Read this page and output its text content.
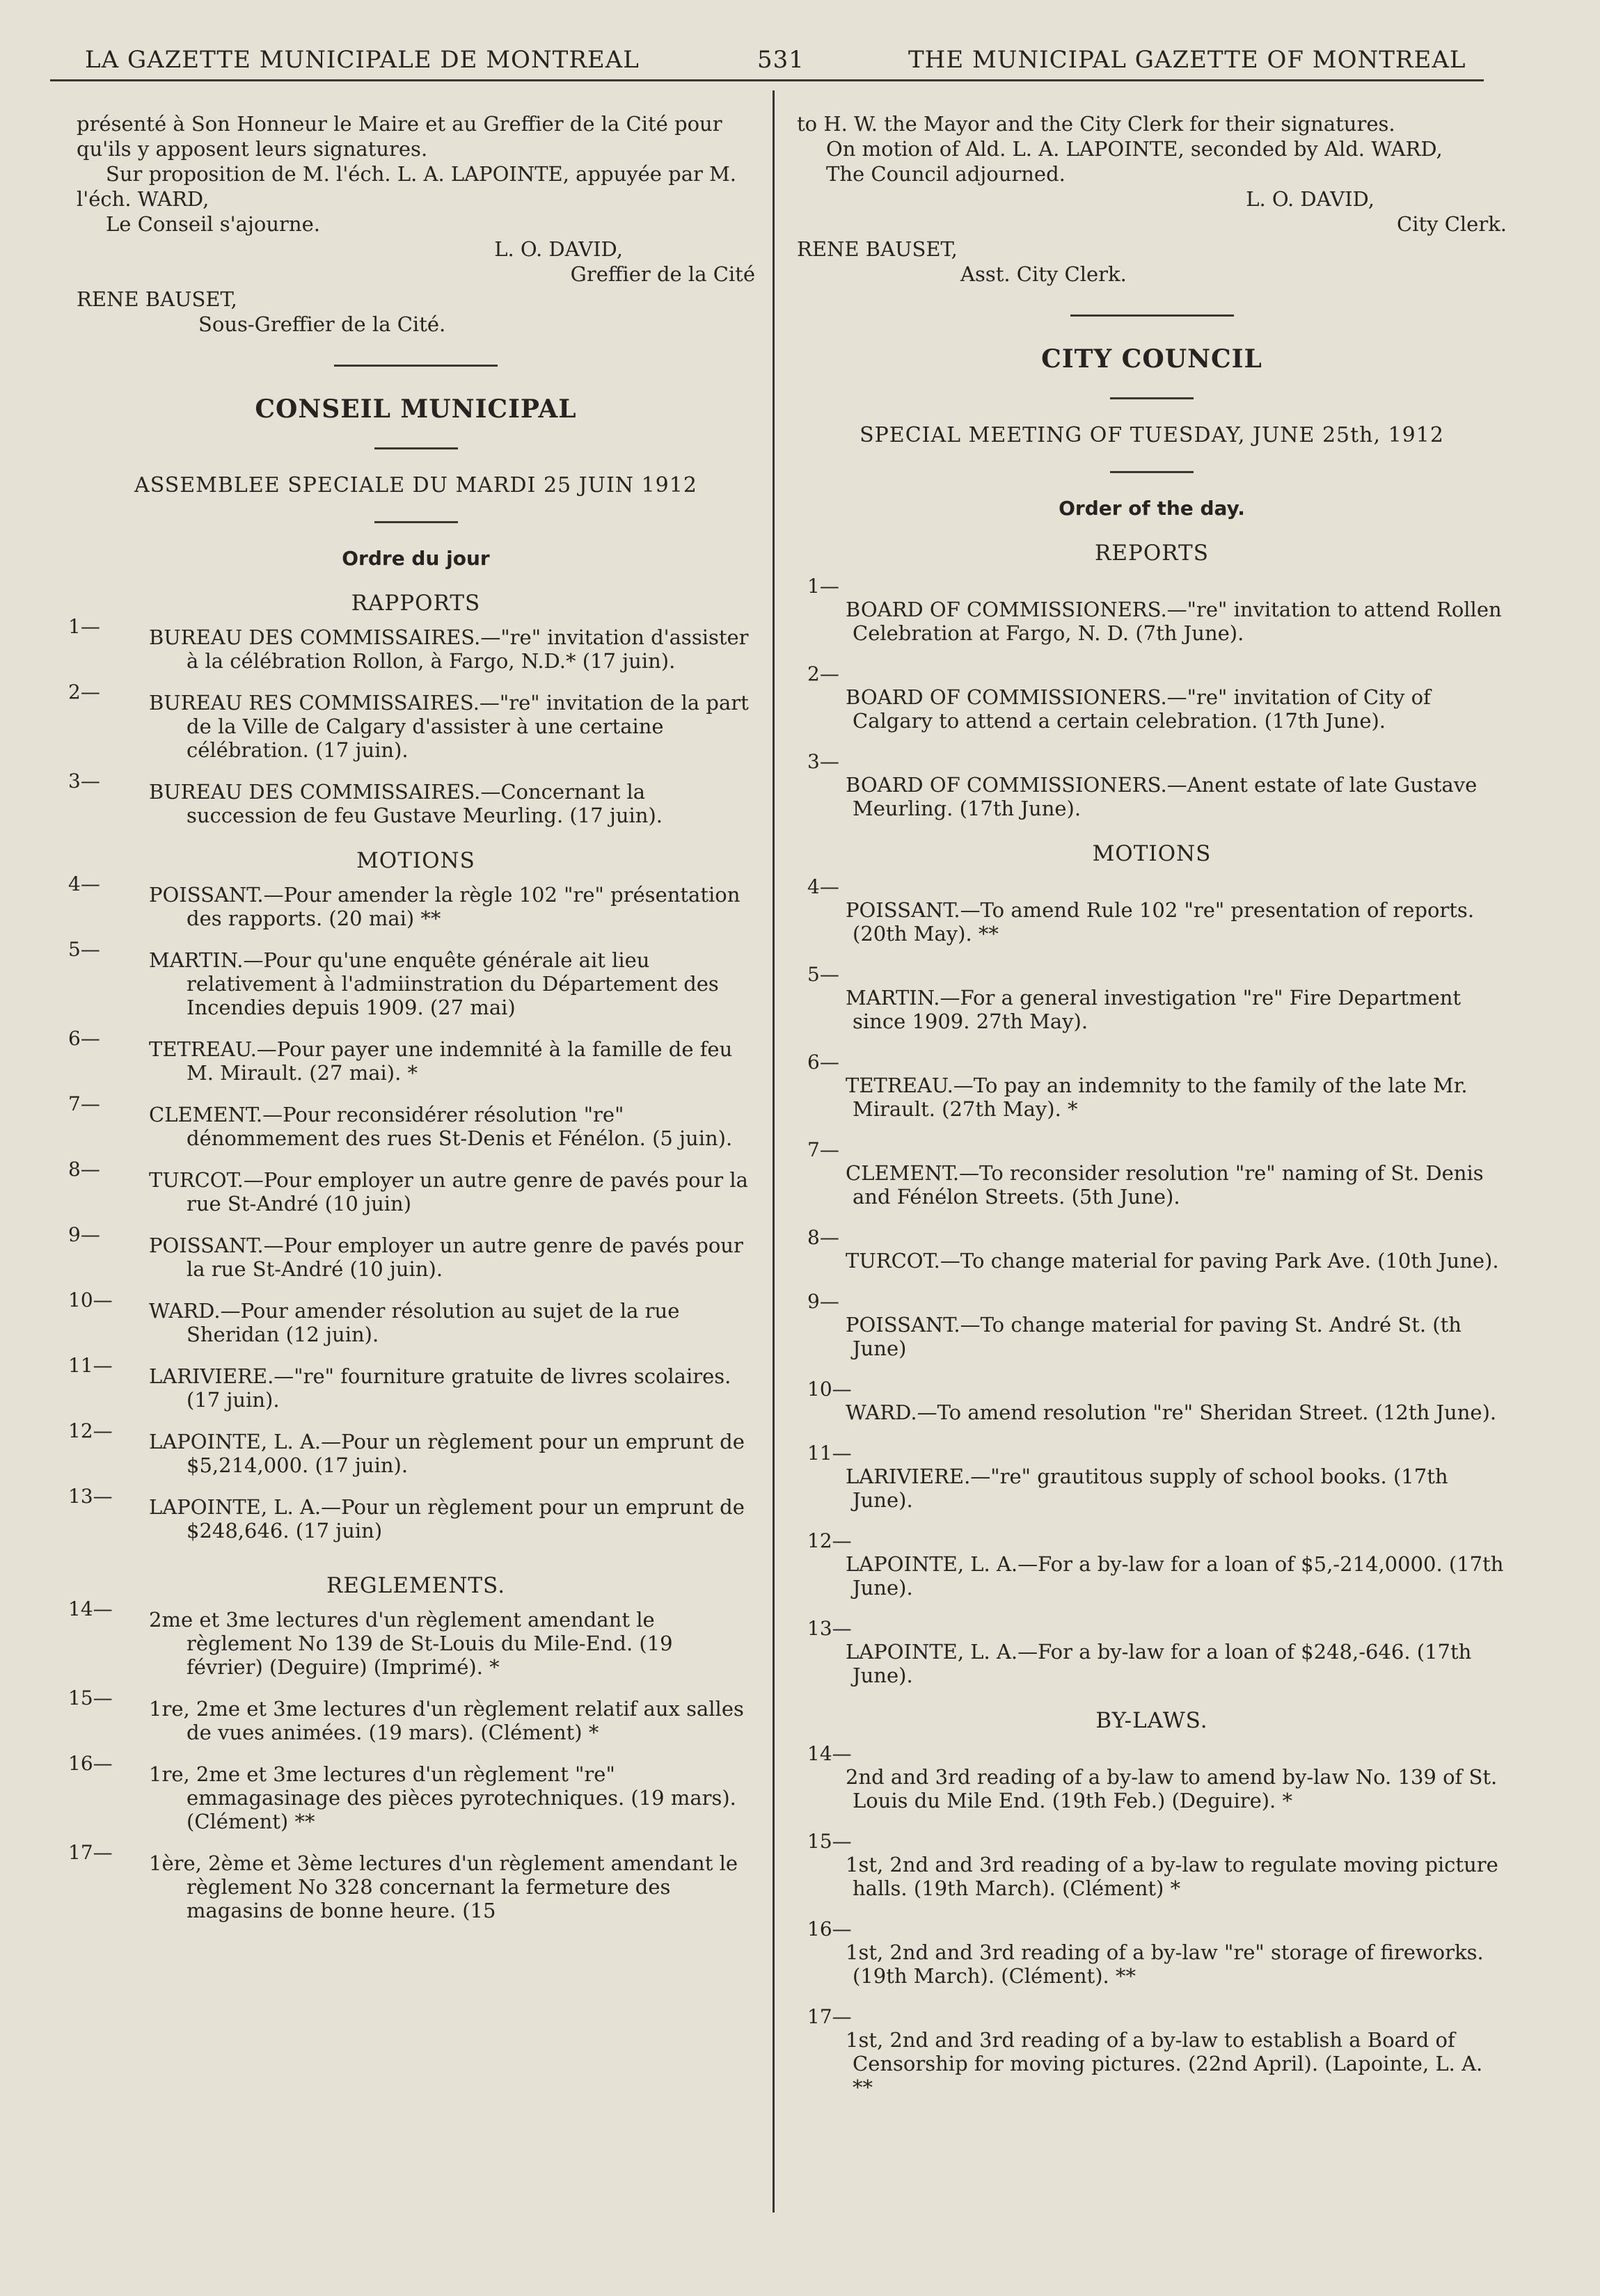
LA GAZETTE MUNICIPALE DE MONTREAL	531	THE MUNICIPAL GAZETTE OF MONTREAL

présenté à Son Honneur le Maire et au Greffier de la Cité pour qu'ils y apposent leurs signatures.

Sur proposition de M. l'éch. L. A. LAPOINTE, appuyée par M. l'éch. WARD,

Le Conseil s'ajourne.

L. O. DAVID,

Greffier de la Cité

RENE BAUSET,

Sous-Greffier de la Cité.

CONSEIL MUNICIPAL

ASSEMBLEE SPECIALE DU MARDI 25 JUIN 1912

Ordre du jour

RAPPORTS

1—	BUREAU DES COMMISSAIRES.—"re" invitation d'assister à la célébration Rollon, à Fargo, N.D.* (17 juin).
2—	BUREAU RES COMMISSAIRES.—"re" invitation de la part de la Ville de Calgary d'assister à une certaine célébration. (17 juin).
3—	BUREAU DES COMMISSAIRES.—Concernant la succession de feu Gustave Meurling. (17 juin).

MOTIONS

4—	POISSANT.—Pour amender la règle 102 "re" présentation des rapports. (20 mai) **
5—	MARTIN.—Pour qu'une enquête générale ait lieu relativement à l'admiinstration du Département des Incendies depuis 1909. (27 mai)
6—	TETREAU.—Pour payer une indemnité à la famille de feu M. Mirault. (27 mai). *
7—	CLEMENT.—Pour reconsidérer résolution "re" dénommement des rues St-Denis et Fénélon. (5 juin).
8—	TURCOT.—Pour employer un autre genre de pavés pour la rue St-André (10 juin)
9—	POISSANT.—Pour employer un autre genre de pavés pour la rue St-André (10 juin).
10—	WARD.—Pour amender résolution au sujet de la rue Sheridan (12 juin).
11—	LARIVIERE.—"re" fourniture gratuite de livres scolaires. (17 juin).
12—	LAPOINTE, L. A.—Pour un règlement pour un emprunt de $5,214,000. (17 juin).
13—	LAPOINTE, L. A.—Pour un règlement pour un emprunt de $248,646. (17 juin)

REGLEMENTS.

14—	2me et 3me lectures d'un règlement amendant le règlement No 139 de St-Louis du Mile-End. (19 février) (Deguire) (Imprimé). *
15—	1re, 2me et 3me lectures d'un règlement relatif aux salles de vues animées. (19 mars). (Clément) *
16—	1re, 2me et 3me lectures d'un règlement "re" emmagasinage des pièces pyrotechniques. (19 mars). (Clément) **
17—	1ère, 2ème et 3ème lectures d'un règlement amendant le règlement No 328 concernant la fermeture des magasins de bonne heure. (15

to H. W. the Mayor and the City Clerk for their signatures.

On motion of Ald. L. A. LAPOINTE, seconded by Ald. WARD,

The Council adjourned.

L. O. DAVID,

City Clerk.

RENE BAUSET,

Asst. City Clerk.

CITY COUNCIL

SPECIAL MEETING OF TUESDAY, JUNE 25th, 1912

Order of the day.

REPORTS

1—
BOARD OF COMMISSIONERS.—"re" invitation to attend Rollen Celebration at Fargo, N. D. (7th June).
2—
BOARD OF COMMISSIONERS.—"re" invitation of City of Calgary to attend a certain celebration. (17th June).
3—
BOARD OF COMMISSIONERS.—Anent estate of late Gustave Meurling. (17th June).

MOTIONS

4—
POISSANT.—To amend Rule 102 "re" presentation of reports. (20th May). **
5—
MARTIN.—For a general investigation "re" Fire Department since 1909. 27th May).
6—
TETREAU.—To pay an indemnity to the family of the late Mr. Mirault. (27th May). *
7—
CLEMENT.—To reconsider resolution "re" naming of St. Denis and Fénélon Streets. (5th June).
8—
TURCOT.—To change material for paving Park Ave. (10th June).
9—
POISSANT.—To change material for paving St. André St. (th June)
10—
WARD.—To amend resolution "re" Sheridan Street. (12th June).
11—
LARIVIERE.—"re" grautitous supply of school books. (17th June).
12—
LAPOINTE, L. A.—For a by-law for a loan of $5,-214,0000. (17th June).
13—
LAPOINTE, L. A.—For a by-law for a loan of $248,-646. (17th June).

BY-LAWS.

14—
2nd and 3rd reading of a by-law to amend by-law No. 139 of St. Louis du Mile End. (19th Feb.) (Deguire). *
15—
1st, 2nd and 3rd reading of a by-law to regulate moving picture halls. (19th March). (Clément) *
16—
1st, 2nd and 3rd reading of a by-law "re" storage of fireworks. (19th March). (Clément). **
17—
1st, 2nd and 3rd reading of a by-law to establish a Board of Censorship for moving pictures. (22nd April). (Lapointe, L. A. **
